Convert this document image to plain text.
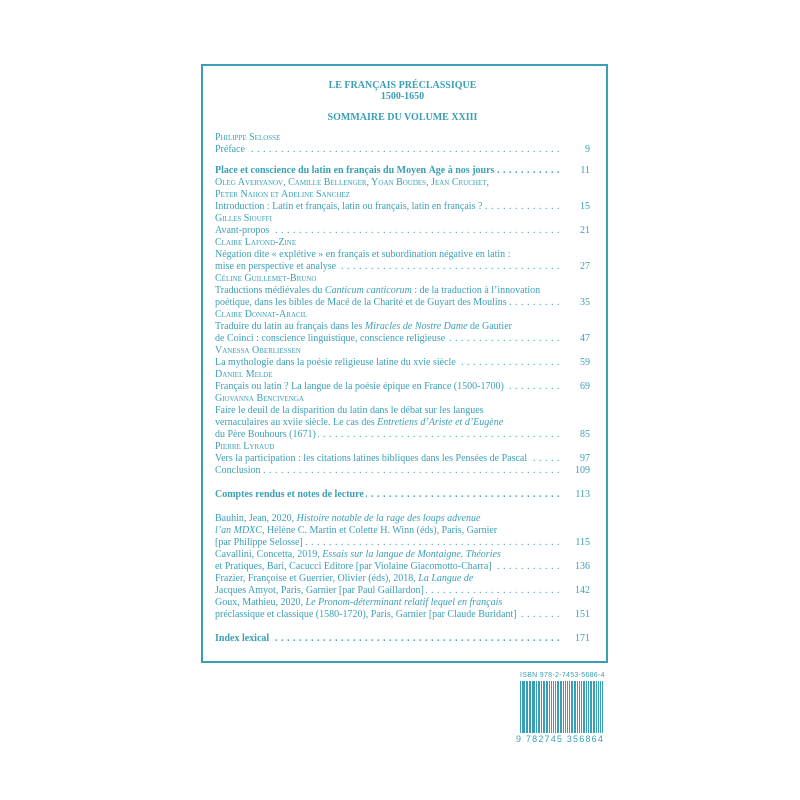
LE FRANÇAIS PRÉCLASSIQUE
1500-1650
SOMMAIRE DU VOLUME XXIII
Philippe Selosse
Préface . . .	9
Place et conscience du latin en français du Moyen Âge à nos jours . . .	11
Oleg Averyanov, Camille Bellenger, Yoan Boudes, Jean Cruchet,
Peter Nahon et Adeline Sanchez
Introduction : Latin et français, latin ou français, latin en français ? . . .	15
Gilles Siouffi
Avant-propos . . .	21
Claire Lafond-Zine
Négation dite « explétive » en français et subordination négative en latin :
mise en perspective et analyse . . .	27
Céline Guillemet-Bruno
Traductions médiévales du Canticum canticorum : de la traduction à l’innovation
poétique, dans les bibles de Macé de la Charité et de Guyart des Moulins . . .	35
Claire Donnat-Aracil
Traduire du latin au français dans les Miracles de Nostre Dame de Gautier
de Coinci : conscience linguistique, conscience religieuse . . .	47
Vanessa Oberliessen
La mythologie dans la poésie religieuse latine du xvie siècle . . .	59
Daniel Melde
Français ou latin ? La langue de la poésie épique en France (1500-1700) . . .	69
Giovanna Bencivenga
Faire le deuil de la disparition du latin dans le débat sur les langues
vernaculaires au xviie siècle. Le cas des Entretiens d’Ariste et d’Eugène
du Père Bouhours (1671) . . .	85
Pierre Lyraud
Vers la participation : les citations latines bibliques dans les Pensées de Pascal . . .	97
Conclusion . . .	109
Comptes rendus et notes de lecture . . .	113
Bauhin, Jean, 2020, Histoire notable de la rage des loups advenue
l’an MDXC, Hélène C. Martin et Colette H. Winn (éds), Paris, Garnier
[par Philippe Selosse] . . .	115
Cavallini, Concetta, 2019, Essais sur la langue de Montaigne. Théories
et Pratiques, Bari, Cacucci Editore [par Violaine Giacomotto-Charra] . . .	136
Frazier, Françoise et Guerrier, Olivier (éds), 2018, La Langue de
Jacques Amyot, Paris, Garnier [par Paul Gaillardon] . . .	142
Goux, Mathieu, 2020, Le Pronom-déterminant relatif lequel en français
préclassique et classique (1580-1720), Paris, Garnier [par Claude Buridant] . . .	151
Index lexical . . .	171
ISBN 978-2-7453-5686-4
9 782745 356864
